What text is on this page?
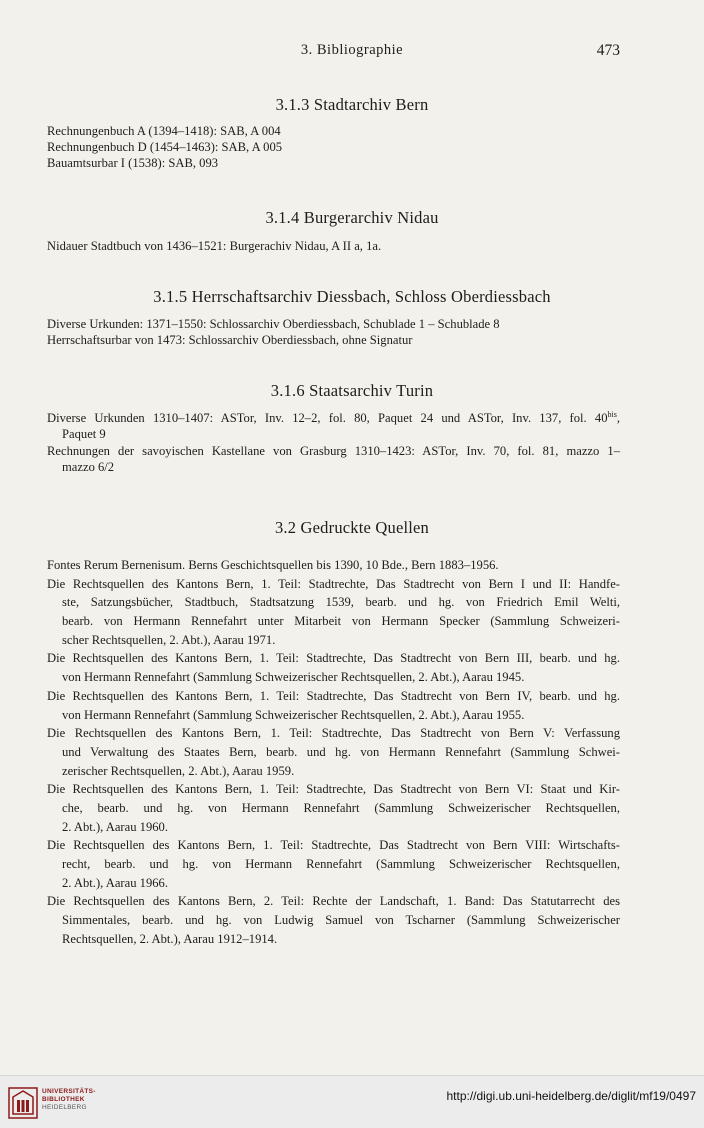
3. Bibliographie	473
3.1.3 Stadtarchiv Bern
Rechnungenbuch A (1394–1418): SAB, A 004
Rechnungenbuch D (1454–1463): SAB, A 005
Bauamtsurbar I (1538): SAB, 093
3.1.4 Burgerarchiv Nidau
Nidauer Stadtbuch von 1436–1521: Burgerachiv Nidau, A II a, 1a.
3.1.5 Herrschaftsarchiv Diessbach, Schloss Oberdiessbach
Diverse Urkunden: 1371–1550: Schlossarchiv Oberdiessbach, Schublade 1 – Schublade 8
Herrschaftsurbar von 1473: Schlossarchiv Oberdiessbach, ohne Signatur
3.1.6 Staatsarchiv Turin
Diverse Urkunden 1310–1407: ASTor, Inv. 12–2, fol. 80, Paquet 24 und ASTor, Inv. 137, fol. $40^{bis}$,
Paquet 9
Rechnungen der savoyischen Kastellane von Grasburg 1310–1423: ASTor, Inv. 70, fol. 81, mazzo 1–
mazzo 6/2
3.2 Gedruckte Quellen
Fontes Rerum Bernenisum. Berns Geschichtsquellen bis 1390, 10 Bde., Bern 1883–1956.
Die Rechtsquellen des Kantons Bern, 1. Teil: Stadtrechte, Das Stadtrecht von Bern I und II: Handfe-
ste, Satzungsbücher, Stadtbuch, Stadtsatzung 1539, bearb. und hg. von Friedrich Emil Welti,
bearb. von Hermann Rennefahrt unter Mitarbeit von Hermann Specker (Sammlung Schweizeri-
scher Rechtsquellen, 2. Abt.), Aarau 1971.
Die Rechtsquellen des Kantons Bern, 1. Teil: Stadtrechte, Das Stadtrecht von Bern III, bearb. und hg.
von Hermann Rennefahrt (Sammlung Schweizerischer Rechtsquellen, 2. Abt.), Aarau 1945.
Die Rechtsquellen des Kantons Bern, 1. Teil: Stadtrechte, Das Stadtrecht von Bern IV, bearb. und hg.
von Hermann Rennefahrt (Sammlung Schweizerischer Rechtsquellen, 2. Abt.), Aarau 1955.
Die Rechtsquellen des Kantons Bern, 1. Teil: Stadtrechte, Das Stadtrecht von Bern V: Verfassung
und Verwaltung des Staates Bern, bearb. und hg. von Hermann Rennefahrt (Sammlung Schwei-
zerischer Rechtsquellen, 2. Abt.), Aarau 1959.
Die Rechtsquellen des Kantons Bern, 1. Teil: Stadtrechte, Das Stadtrecht von Bern VI: Staat und Kir-
che, bearb. und hg. von Hermann Rennefahrt (Sammlung Schweizerischer Rechtsquellen,
2. Abt.), Aarau 1960.
Die Rechtsquellen des Kantons Bern, 1. Teil: Stadtrechte, Das Stadtrecht von Bern VIII: Wirtschafts-
recht, bearb. und hg. von Hermann Rennefahrt (Sammlung Schweizerischer Rechtsquellen,
2. Abt.), Aarau 1966.
Die Rechtsquellen des Kantons Bern, 2. Teil: Rechte der Landschaft, 1. Band: Das Statutarrecht des
Simmentales, bearb. und hg. von Ludwig Samuel von Tscharner (Sammlung Schweizerischer
Rechtsquellen, 2. Abt.), Aarau 1912–1914.
UNIVERSITÄTS-
BIBLIOTHEK
HEIDELBERG
http://digi.ub.uni-heidelberg.de/diglit/mf19/0497
